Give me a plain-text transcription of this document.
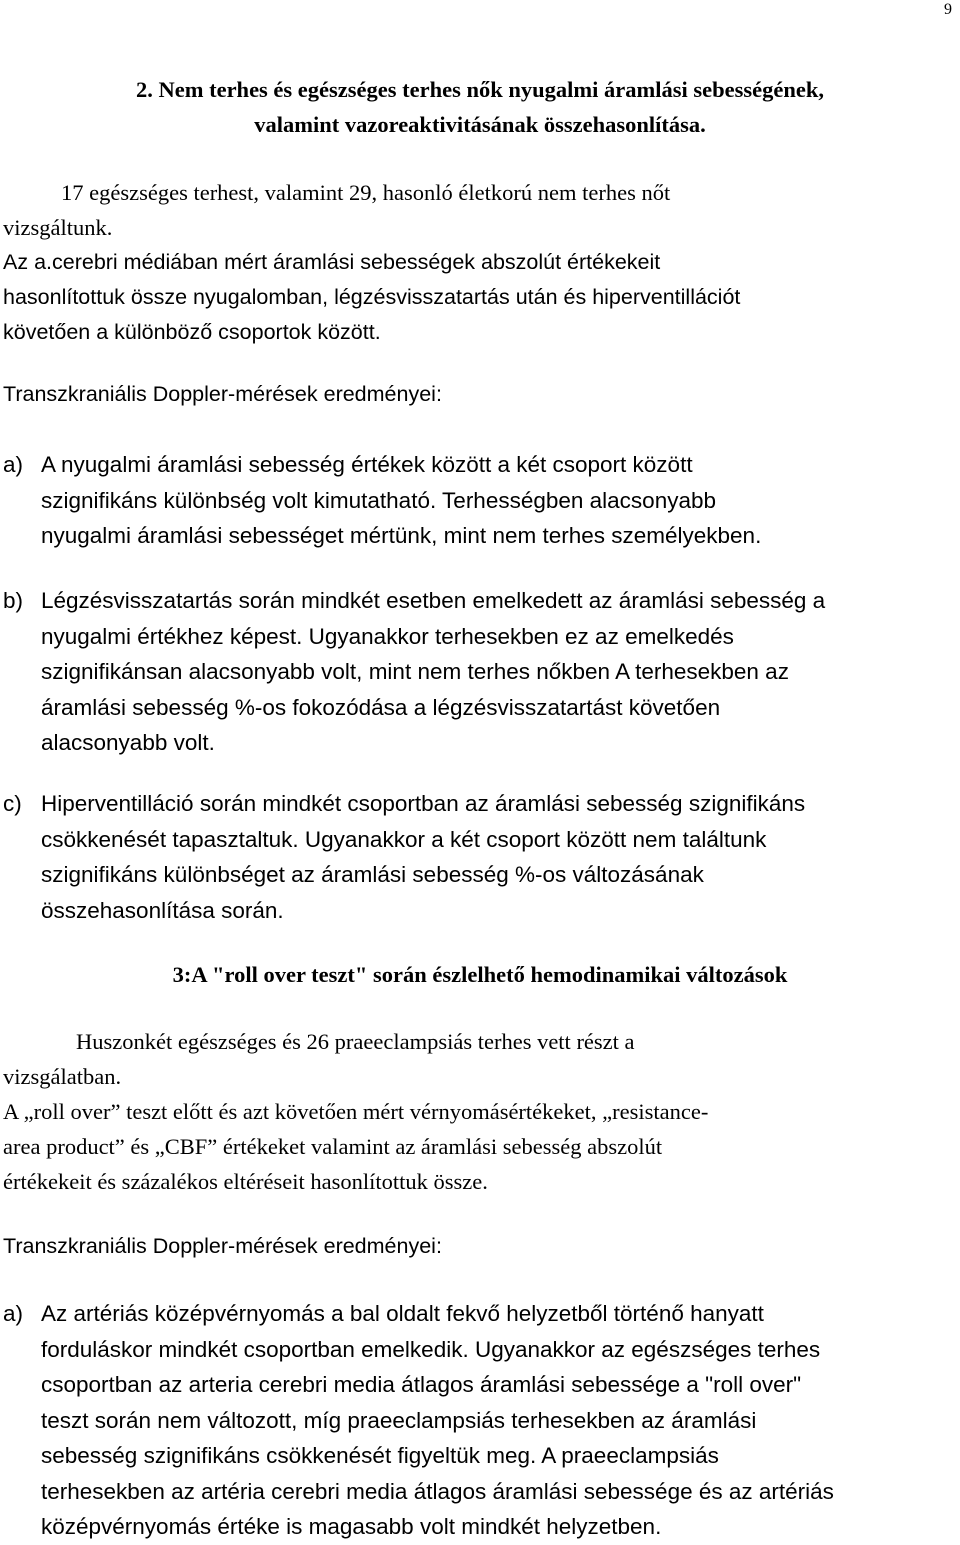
9
2. Nem terhes és egészséges terhes nők nyugalmi áramlási sebességének,
valamint vazoreaktivitásának összehasonlítása.
17 egészséges terhest, valamint 29, hasonló életkorú nem terhes nőt
vizsgáltunk.
Az a.cerebri médiában mért áramlási sebességek abszolút értékekeit
hasonlítottuk össze nyugalomban, légzésvisszatartás után és hiperventillációt
követően a különböző csoportok között.
Transzkraniális Doppler-mérések eredményei:
a) A nyugalmi áramlási sebesség értékek között a két csoport között
szignifikáns különbség volt kimutatható. Terhességben alacsonyabb
nyugalmi áramlási sebességet mértünk, mint nem terhes személyekben.
b) Légzésvisszatartás során mindkét esetben emelkedett az áramlási sebesség a
nyugalmi értékhez képest. Ugyanakkor terhesekben ez az emelkedés
szignifikánsan alacsonyabb volt, mint nem terhes nőkben A terhesekben az
áramlási sebesség %-os fokozódása a légzésvisszatartást követően
alacsonyabb volt.
c) Hiperventilláció során mindkét csoportban az áramlási sebesség szignifikáns
csökkenését tapasztaltuk. Ugyanakkor a két csoport között nem találtunk
szignifikáns különbséget az áramlási sebesség %-os változásának
összehasonlítása során.
3:A "roll over teszt" során észlelhető hemodinamikai változások
Huszonkét egészséges és 26 praeeclampsiás terhes vett részt a
vizsgálatban.
A „roll over” teszt előtt és azt követően mért vérnyomásértékeket, „resistance-
area product” és „CBF” értékeket valamint az áramlási sebesség abszolút
értékekeit és százalékos eltéréseit hasonlítottuk össze.
Transzkraniális Doppler-mérések eredményei:
a) Az artériás középvérnyomás a bal oldalt fekvő helyzetből történő hanyatt
forduláskor mindkét csoportban emelkedik. Ugyanakkor az egészséges terhes
csoportban az arteria cerebri media átlagos áramlási sebessége a "roll over"
teszt során nem változott, míg praeeclampsiás terhesekben az áramlási
sebesség szignifikáns csökkenését figyeltük meg. A praeeclampsiás
terhesekben az artéria cerebri media átlagos áramlási sebessége és az artériás
középvérnyomás értéke is magasabb volt mindkét helyzetben.
